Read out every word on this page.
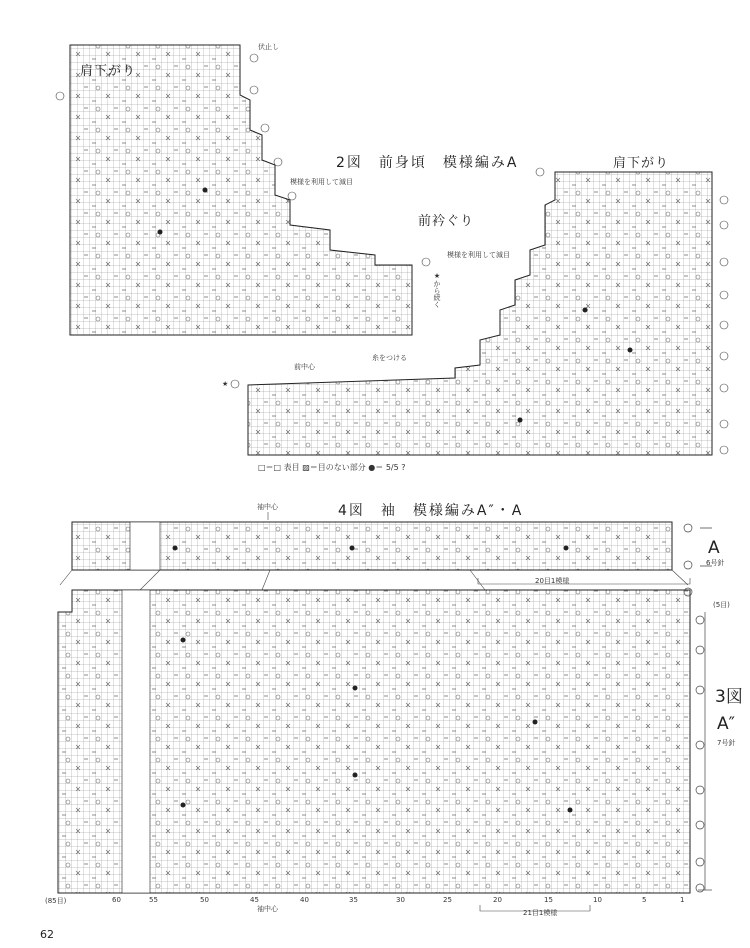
2図　前身頃　模様編みA
肩下がり
肩下がり
前衿ぐり
伏止し
模様を利用して減目
模様を利用して減目
★から続く
前中心
糸をつける
★
□＝□ 表目 ▨＝目のない部分 ●＝ 5/5 ?
4図　袖　模様編みA″・A
袖中心
袖中心
20目1模様
21目1模様
A
6号針
3図
A″
7号針
(5目)
(85目)	60	55	50	45	40	35	30	25	20	15	10	5	1
62
